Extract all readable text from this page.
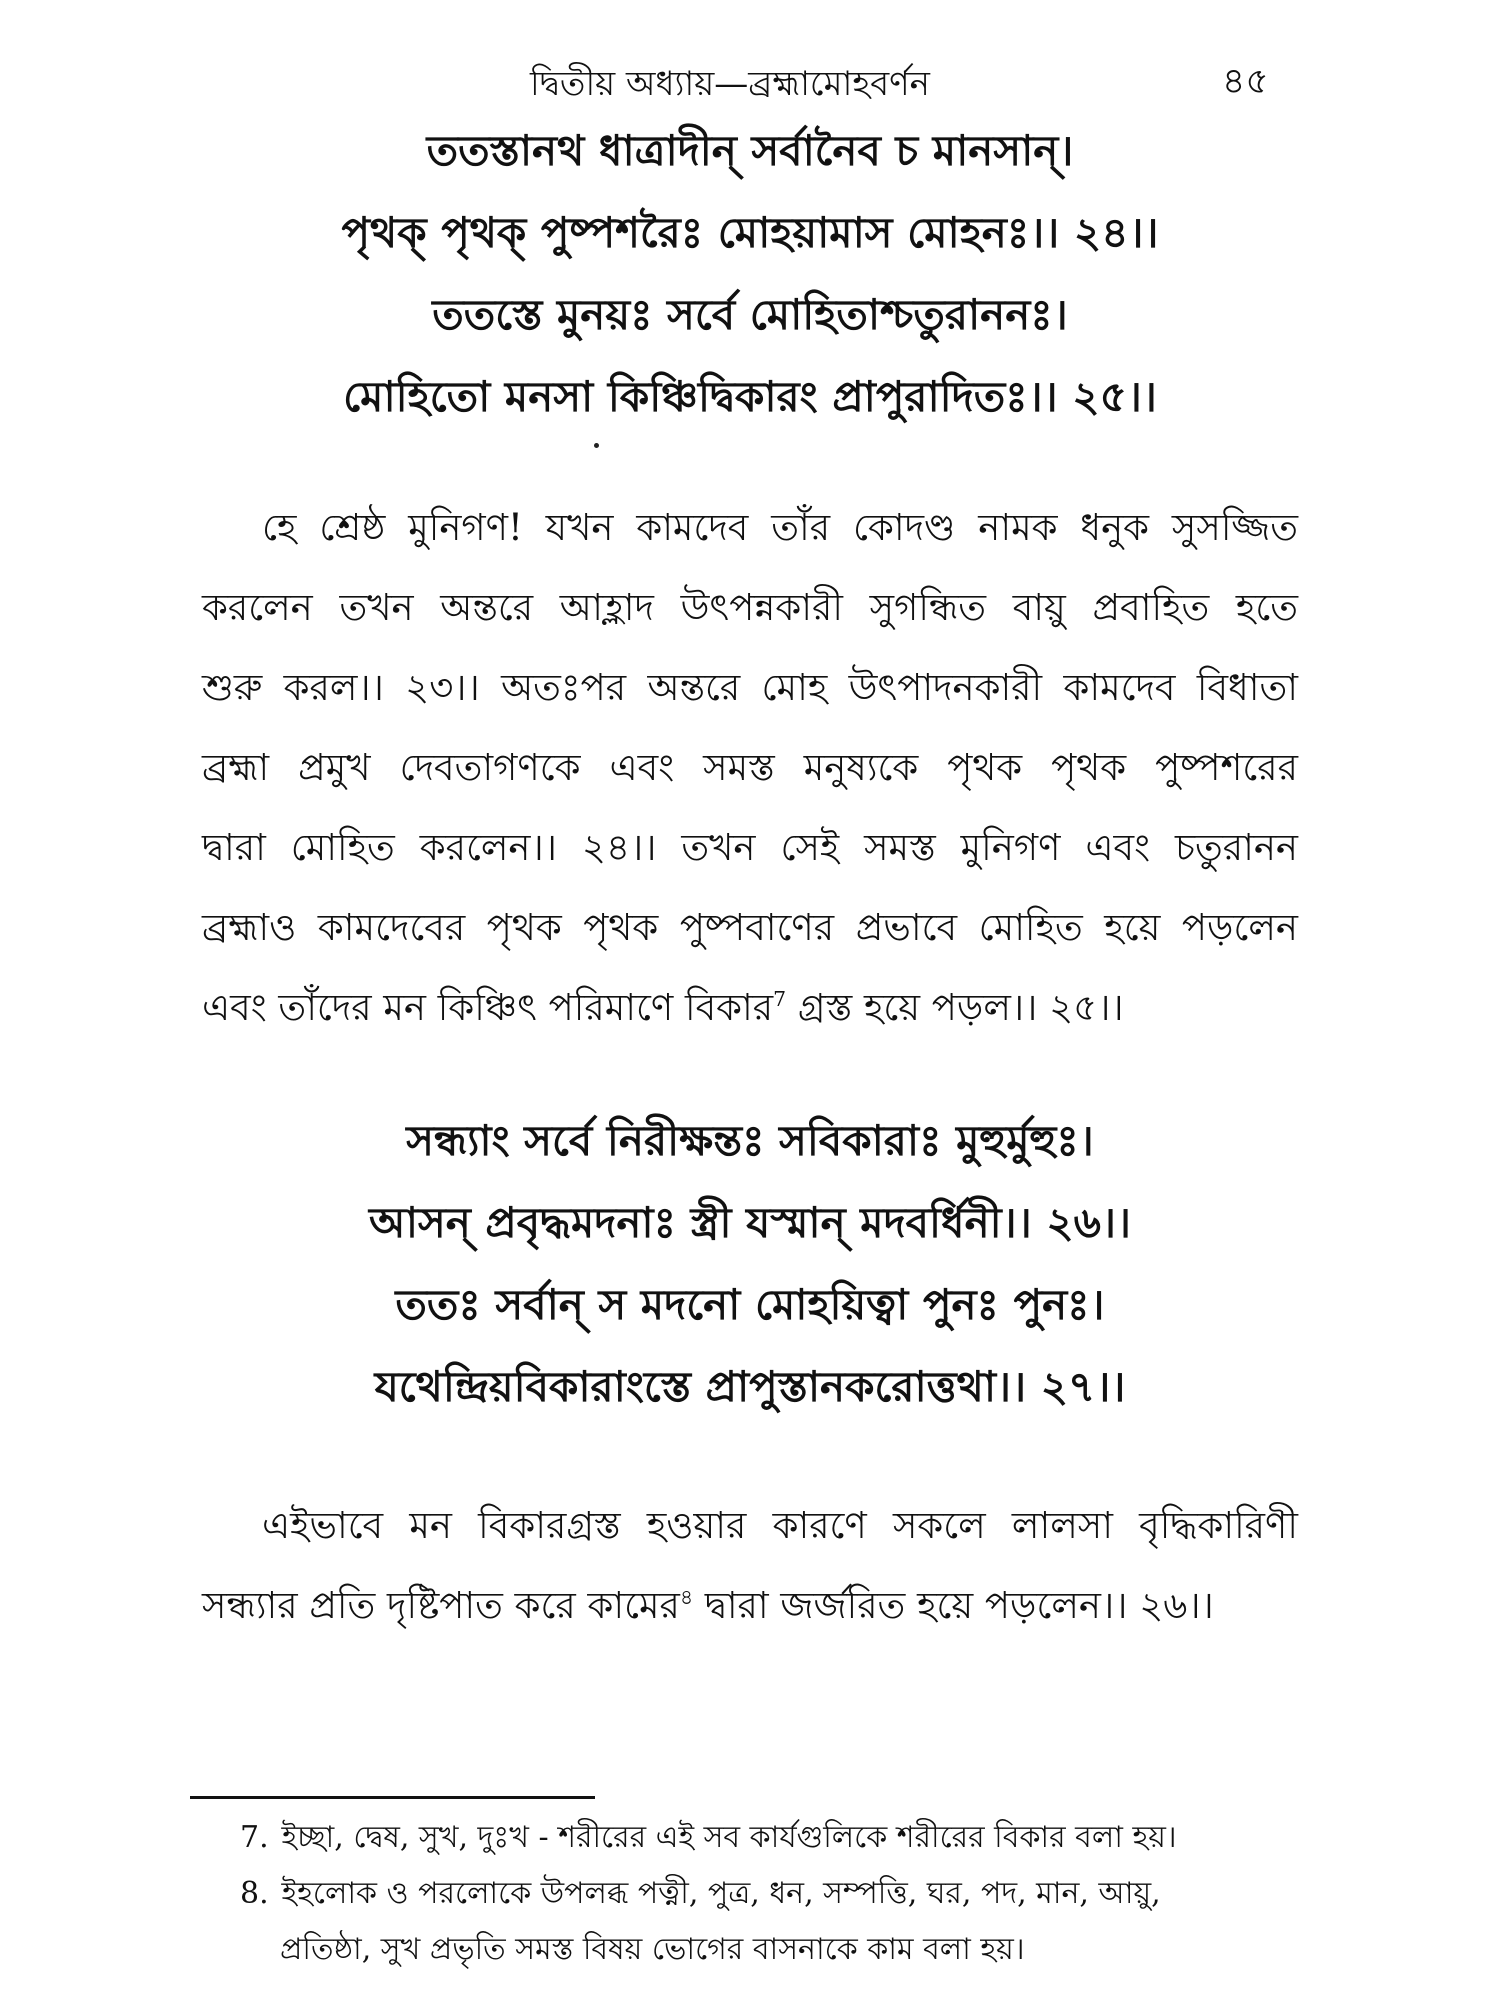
দ্বিতীয় অধ্যায়—ব্রহ্মামোহবর্ণন	৪৫
ততস্তানথ ধাত্রাদীন্ সর্বানৈব চ মানসান্।
পৃথক্ পৃথক্ পুষ্পশরৈঃ মোহয়ামাস মোহনঃ।। ২৪।।
ততস্তে মুনয়ঃ সর্বে মোহিতাশ্চতুরাননঃ।
মোহিতো মনসা কিঞ্চিদ্বিকারং প্রাপুরাদিতঃ।। ২৫।।
হে শ্রেষ্ঠ মুনিগণ! যখন কামদেব তাঁর কোদণ্ড নামক ধনুক সুসজ্জিত
করলেন তখন অন্তরে আহ্লাদ উৎপন্নকারী সুগন্ধিত বায়ু প্রবাহিত হতে
শুরু করল।। ২৩।। অতঃপর অন্তরে মোহ উৎপাদনকারী কামদেব বিধাতা
ব্রহ্মা প্রমুখ দেবতাগণকে এবং সমস্ত মনুষ্যকে পৃথক পৃথক পুষ্পশরের
দ্বারা মোহিত করলেন।। ২৪।। তখন সেই সমস্ত মুনিগণ এবং চতুরানন
ব্রহ্মাও কামদেবের পৃথক পৃথক পুষ্পবাণের প্রভাবে মোহিত হয়ে পড়লেন
এবং তাঁদের মন কিঞ্চিৎ পরিমাণে বিকার$^7$ গ্রস্ত হয়ে পড়ল।। ২৫।।
সন্ধ্যাং সর্বে নিরীক্ষন্তঃ সবিকারাঃ মুহুর্মুহুঃ।
আসন্ প্রবৃদ্ধমদনাঃ স্ত্রী যস্মান্ মদবর্ধিনী।। ২৬।।
ততঃ সর্বান্ স মদনো মোহয়িত্বা পুনঃ পুনঃ।
যথেন্দ্রিয়বিকারাংস্তে প্রাপুস্তানকরোত্তথা।। ২৭।।
এইভাবে মন বিকারগ্রস্ত হওয়ার কারণে সকলে লালসা বৃদ্ধিকারিণী
সন্ধ্যার প্রতি দৃষ্টিপাত করে কামের$^৪$ দ্বারা জর্জরিত হয়ে পড়লেন।। ২৬।।
7. ইচ্ছা, দ্বেষ, সুখ, দুঃখ - শরীরের এই সব কার্যগুলিকে শরীরের বিকার বলা হয়।
8. ইহলোক ও পরলোকে উপলব্ধ পত্নী, পুত্র, ধন, সম্পত্তি, ঘর, পদ, মান, আয়ু,
প্রতিষ্ঠা, সুখ প্রভৃতি সমস্ত বিষয় ভোগের বাসনাকে কাম বলা হয়।
